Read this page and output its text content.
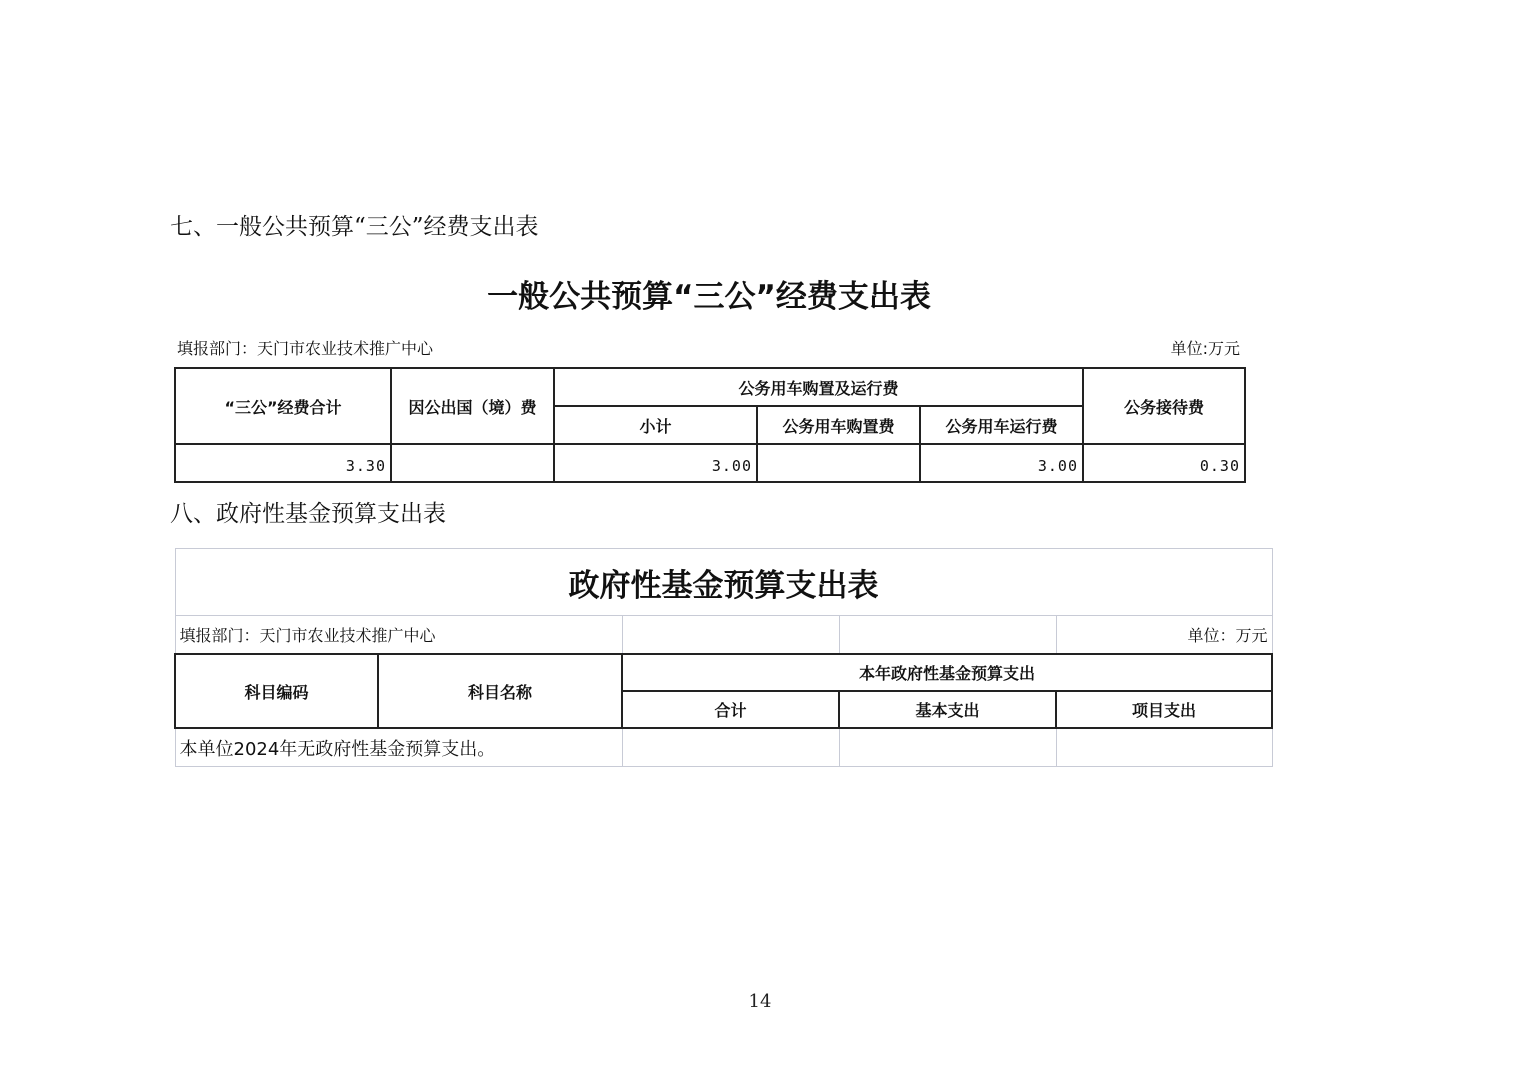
七、一般公共预算“三公”经费支出表
一般公共预算“三公”经费支出表
填报部门：天门市农业技术推广中心	单位:万元
“三公”经费合计	因公出国（境）费	公务用车购置及运行费			公务接待费
		小计	公务用车购置费	公务用车运行费	
3.30		3.00		3.00	0.30
八、政府性基金预算支出表
政府性基金预算支出表				
填报部门：天门市农业技术推广中心				单位：万元
科目编码	科目名称	本年政府性基金预算支出		
		合计	基本支出	项目支出
本单位2024年无政府性基金预算支出。				
14
